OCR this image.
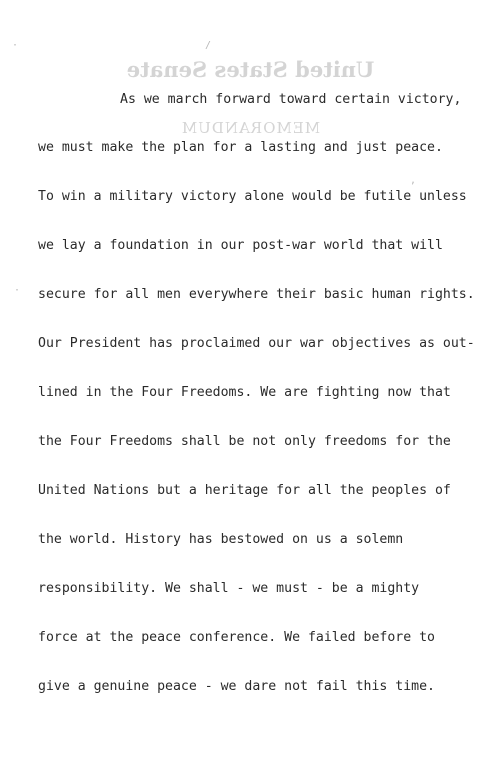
United States Senate
MEMORANDUM
·	/
,
·
As we march forward toward certain victory,
we must make the plan for a lasting and just peace.
To win a military victory alone would be futile unless
we lay a foundation in our post-war world that will
secure for all men everywhere their basic human rights.
Our President has proclaimed our war objectives as out-
lined in the Four Freedoms. We are fighting now that
the Four Freedoms shall be not only freedoms for the
United Nations but a heritage for all the peoples of
the world. History has bestowed on us a solemn
responsibility. We shall - we must - be a mighty
force at the peace conference. We failed before to
give a genuine peace - we dare not fail this time.
